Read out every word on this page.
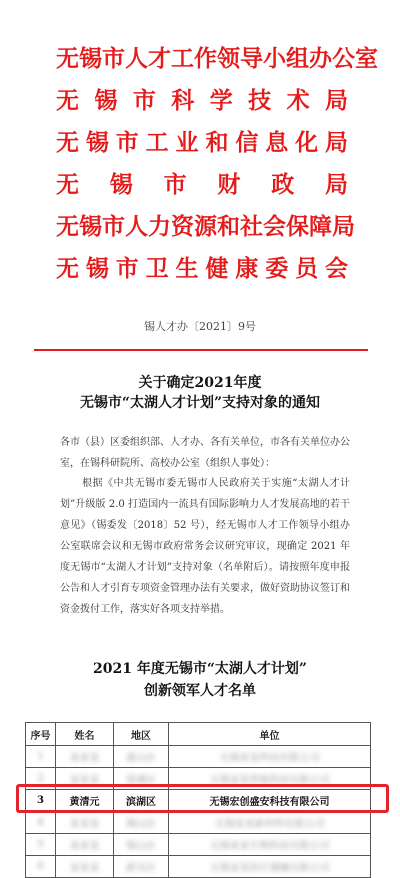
无锡市人才工作领导小组办公室
无锡市科学技术局
无锡市工业和信息化局
无锡市财政局
无锡市人力资源和社会保障局
无锡市卫生健康委员会
锡人才办〔2021〕9号
关于确定2021年度
无锡市“太湖人才计划”支持对象的通知
各市（县）区委组织部、人才办、各有关单位，市各有关单位办公室，在锡科研院所、高校办公室（组织人事处）：
根据《中共无锡市委无锡市人民政府关于实施“太湖人才计划”升级版 2.0 打造国内一流具有国际影响力人才发展高地的若干意见》（锡委发〔2018〕52 号），经无锡市人才工作领导小组办公室联席会议和无锡市政府常务会议研究审议，现确定 2021 年度无锡市“太湖人才计划”支持对象（名单附后）。请按照年度申报公告和人才引育专项资金管理办法有关要求，做好资助协议签订和资金拨付工作，落实好各项支持举措。
2021 年度无锡市“太湖人才计划”
创新领军人才名单
序号	姓名	地区	单位
1	某某某	惠山区	无锡某某科技有限公司
2	某某某	梁溪区	无锡某某智能科技有限公司
3	黄清元	滨湖区	无锡宏创盛安科技有限公司
4	某某某	锡山区	无锡某某新材料有限公司
5	某某某	锡山区	无锡某某生物科技有限公司
6	某某某	新吴区	无锡某某医疗器械有限公司
